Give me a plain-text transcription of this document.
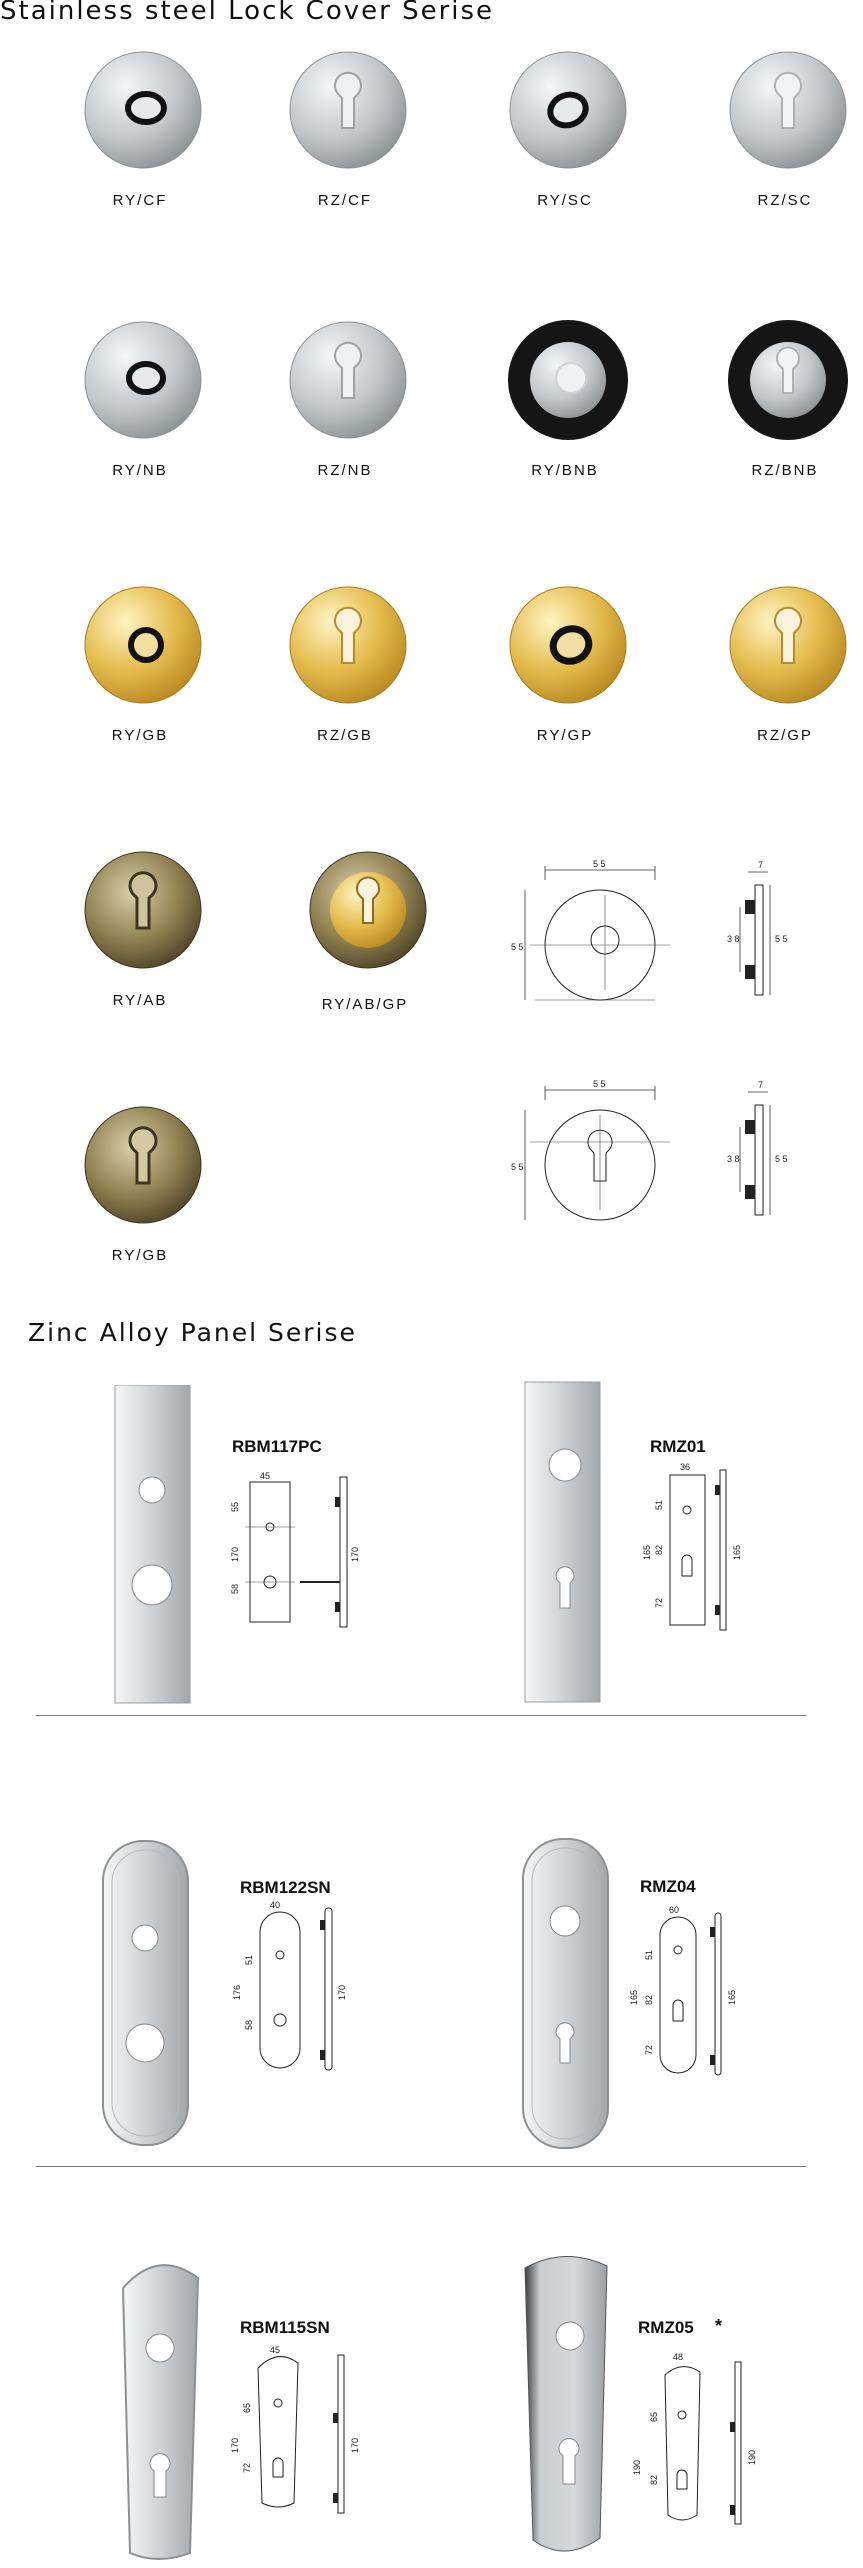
Stainless steel Lock Cover Serise
RY/CF	RZ/CF	RY/SC	RZ/SC
RY/NB	RZ/NB	RY/BNB	RZ/BNB
RY/GB	RZ/GB	RY/GP	RZ/GP
RY/AB	RY/AB/GP
5 5
5 5
7
3 8	5 5
RY/GB
5 5
5 5
7
3 8	5 5
Zinc Alloy Panel Serise
RBM117PC
45
55
170
58
170
RMZ01
36
51
165 82
72
165
RBM122SN
40
51
176
58
170
RMZ04
60
51
165 82
72
165
RBM115SN
45
65
170
72
170
RMZ05 *
48
65
190
82
190
